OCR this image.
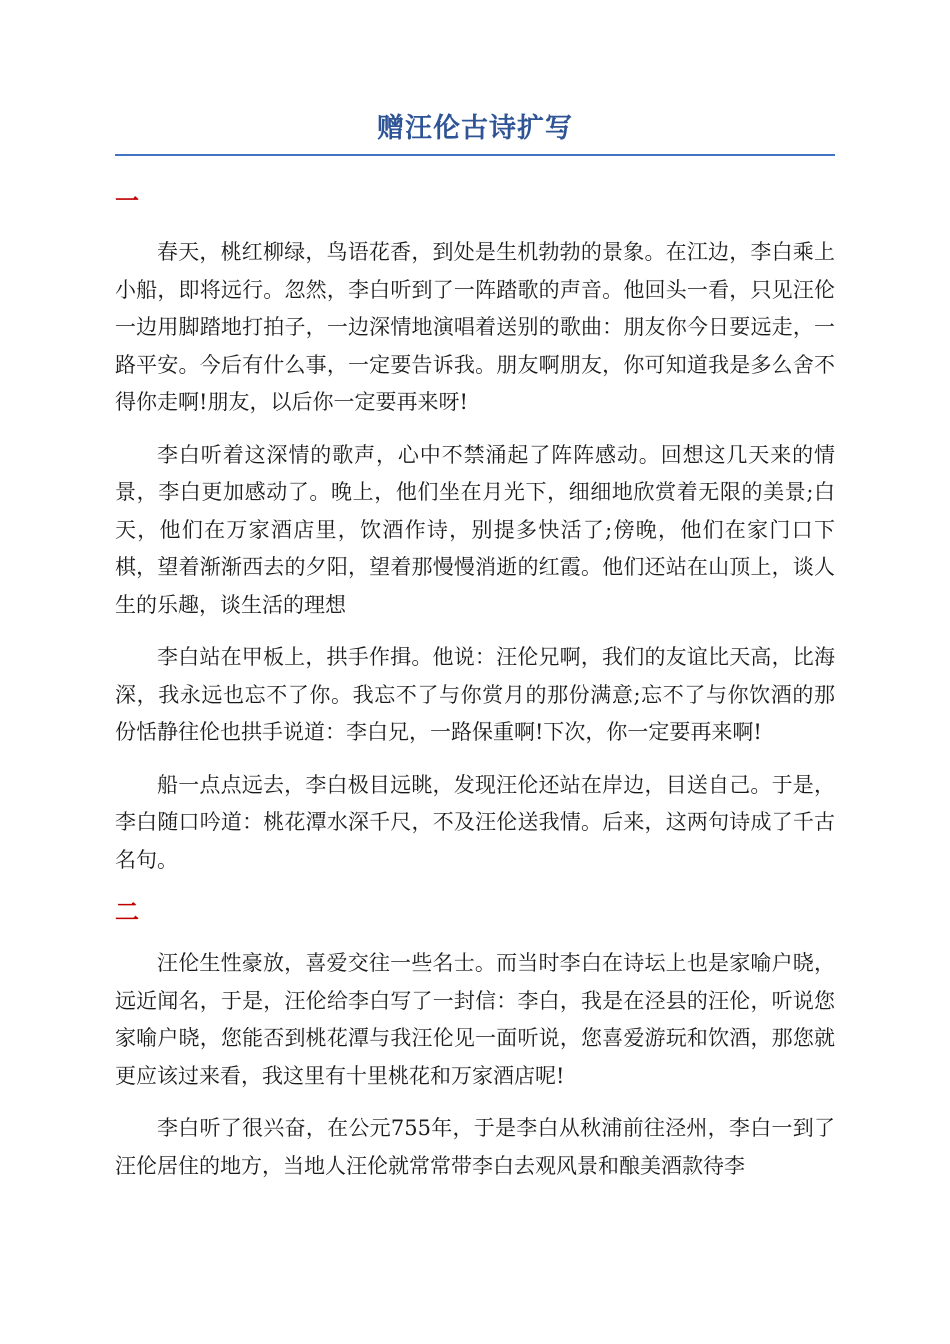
赠汪伦古诗扩写
一

春天，桃红柳绿，鸟语花香，到处是生机勃勃的景象。在江边，李白乘上小船，即将远行。忽然，李白听到了一阵踏歌的声音。他回头一看，只见汪伦一边用脚踏地打拍子，一边深情地演唱着送别的歌曲：朋友你今日要远走，一路平安。今后有什么事，一定要告诉我。朋友啊朋友，你可知道我是多么舍不得你走啊!朋友，以后你一定要再来呀!

李白听着这深情的歌声，心中不禁涌起了阵阵感动。回想这几天来的情景，李白更加感动了。晚上，他们坐在月光下，细细地欣赏着无限的美景;白天，他们在万家酒店里，饮酒作诗，别提多快活了;傍晚，他们在家门口下棋，望着渐渐西去的夕阳，望着那慢慢消逝的红霞。他们还站在山顶上，谈人生的乐趣，谈生活的理想

李白站在甲板上，拱手作揖。他说：汪伦兄啊，我们的友谊比天高，比海深，我永远也忘不了你。我忘不了与你赏月的那份满意;忘不了与你饮酒的那份恬静往伦也拱手说道：李白兄，一路保重啊!下次，你一定要再来啊!

船一点点远去，李白极目远眺，发现汪伦还站在岸边，目送自己。于是，李白随口吟道：桃花潭水深千尺，不及汪伦送我情。后来，这两句诗成了千古名句。

二

汪伦生性豪放，喜爱交往一些名士。而当时李白在诗坛上也是家喻户晓，远近闻名，于是，汪伦给李白写了一封信：李白，我是在泾县的汪伦，听说您家喻户晓，您能否到桃花潭与我汪伦见一面听说，您喜爱游玩和饮酒，那您就更应该过来看，我这里有十里桃花和万家酒店呢!

李白听了很兴奋，在公元755年，于是李白从秋浦前往泾州，李白一到了汪伦居住的地方，当地人汪伦就常常带李白去观风景和酿美酒款待李
